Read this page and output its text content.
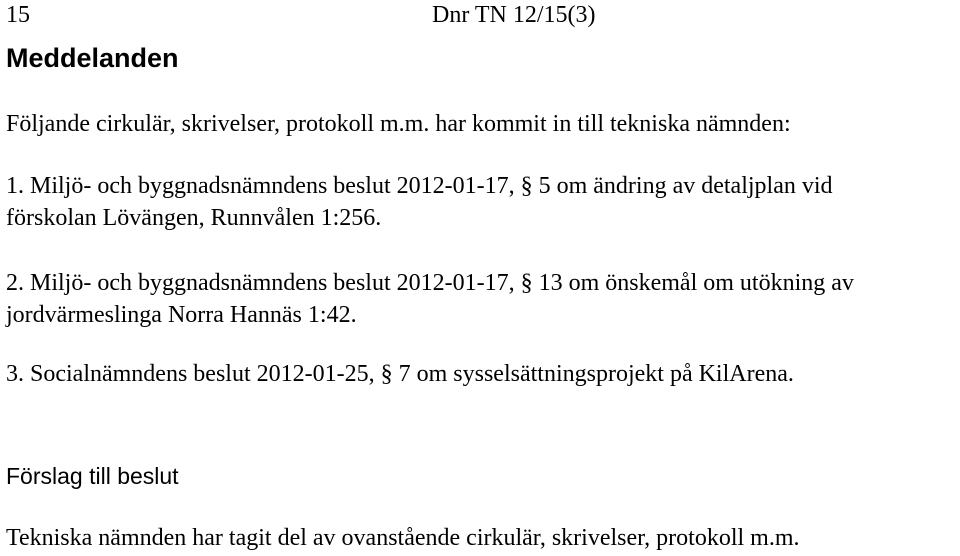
15	Dnr TN 12/15(3)
Meddelanden
Följande cirkulär, skrivelser, protokoll m.m. har kommit in till tekniska nämnden:
1. Miljö- och byggnadsnämndens beslut 2012-01-17, § 5 om ändring av detaljplan vid
förskolan Lövängen, Runnvålen 1:256.
2. Miljö- och byggnadsnämndens beslut 2012-01-17, § 13 om önskemål om utökning av
jordvärmeslinga Norra Hannäs 1:42.
3. Socialnämndens beslut 2012-01-25, § 7 om sysselsättningsprojekt på KilArena.
Förslag till beslut
Tekniska nämnden har tagit del av ovanstående cirkulär, skrivelser, protokoll m.m.
